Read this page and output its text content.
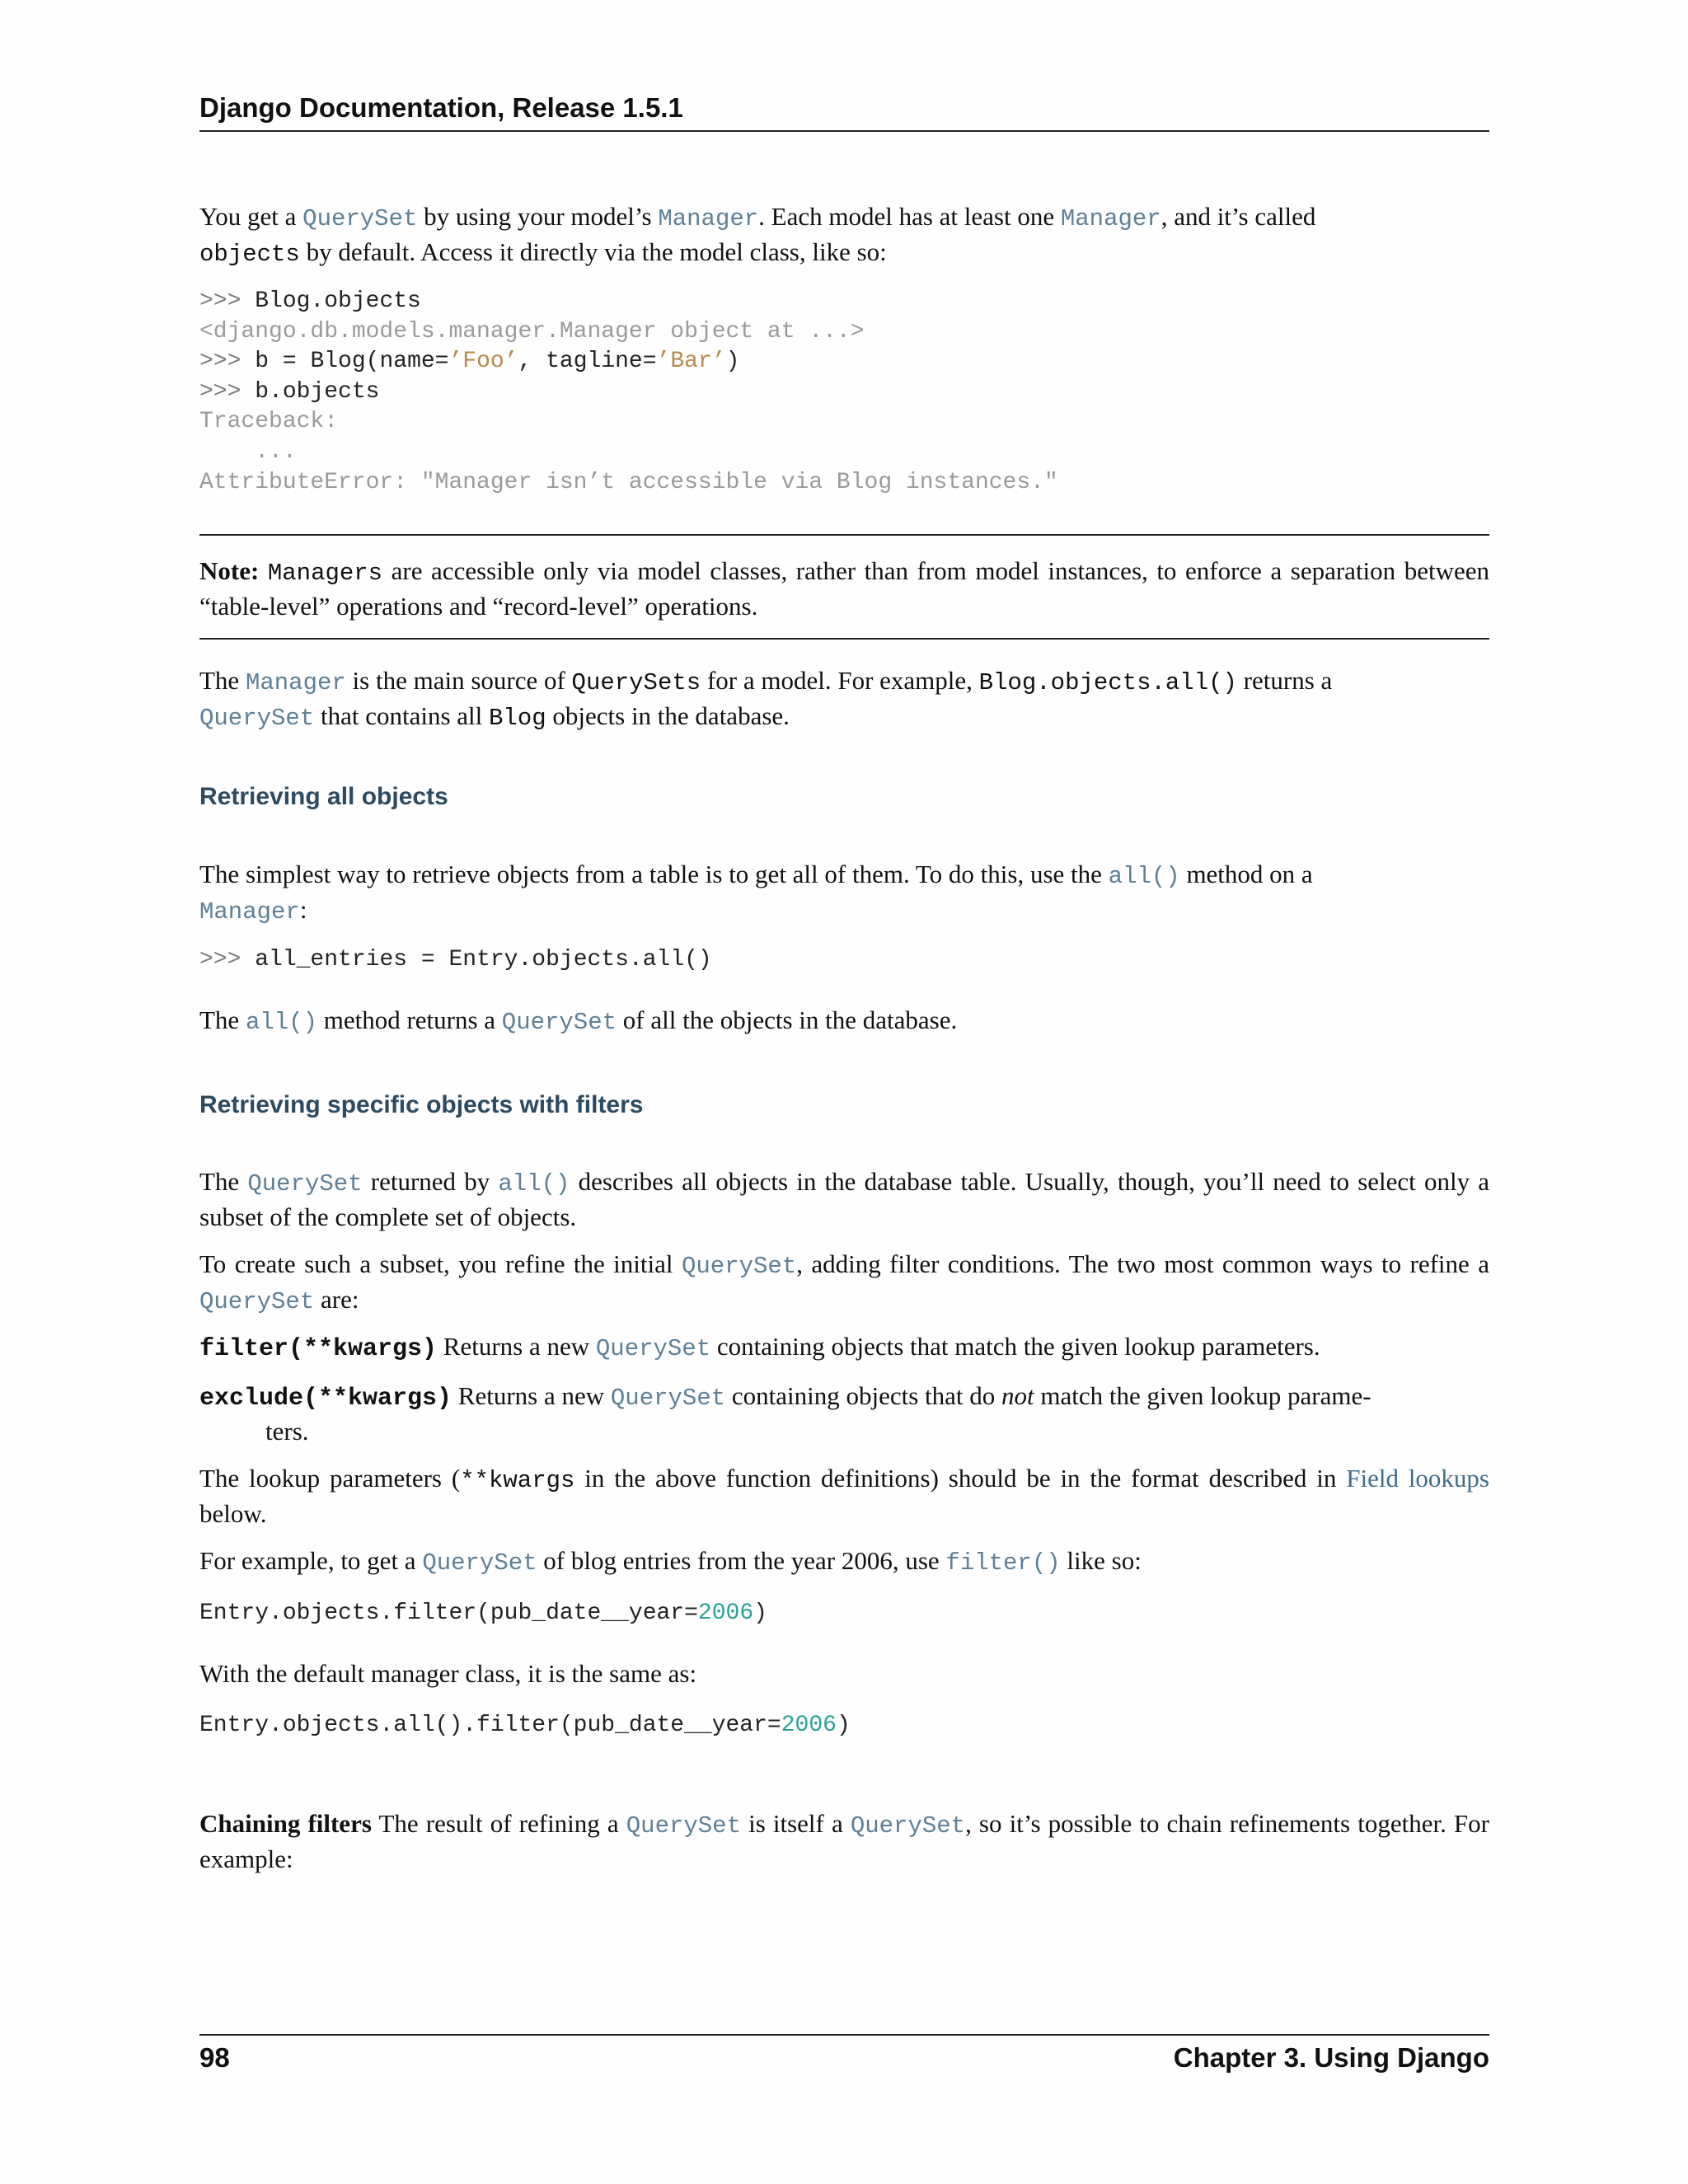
Django Documentation, Release 1.5.1
You get a QuerySet by using your model’s Manager. Each model has at least one Manager, and it’s called
objects by default. Access it directly via the model class, like so:
>>> Blog.objects
<django.db.models.manager.Manager object at ...>
>>> b = Blog(name=’Foo’, tagline=’Bar’)
>>> b.objects
Traceback:
...
AttributeError: "Manager isn’t accessible via Blog instances."
Note: Managers are accessible only via model classes, rather than from model instances, to enforce a separation between “table-level” operations and “record-level” operations.
The Manager is the main source of QuerySets for a model. For example, Blog.objects.all() returns a
QuerySet that contains all Blog objects in the database.
Retrieving all objects
The simplest way to retrieve objects from a table is to get all of them. To do this, use the all() method on a
Manager:
>>> all_entries = Entry.objects.all()
The all() method returns a QuerySet of all the objects in the database.
Retrieving specific objects with filters
The QuerySet returned by all() describes all objects in the database table. Usually, though, you’ll need to select only a subset of the complete set of objects.
To create such a subset, you refine the initial QuerySet, adding filter conditions. The two most common ways to refine a QuerySet are:
filter(**kwargs) Returns a new QuerySet containing objects that match the given lookup parameters.
exclude(**kwargs) Returns a new QuerySet containing objects that do not match the given lookup parame-
ters.
The lookup parameters (**kwargs in the above function definitions) should be in the format described in Field lookups below.
For example, to get a QuerySet of blog entries from the year 2006, use filter() like so:
Entry.objects.filter(pub_date__year=2006)
With the default manager class, it is the same as:
Entry.objects.all().filter(pub_date__year=2006)
Chaining filters The result of refining a QuerySet is itself a QuerySet, so it’s possible to chain refinements together. For example:
98	Chapter 3. Using Django
